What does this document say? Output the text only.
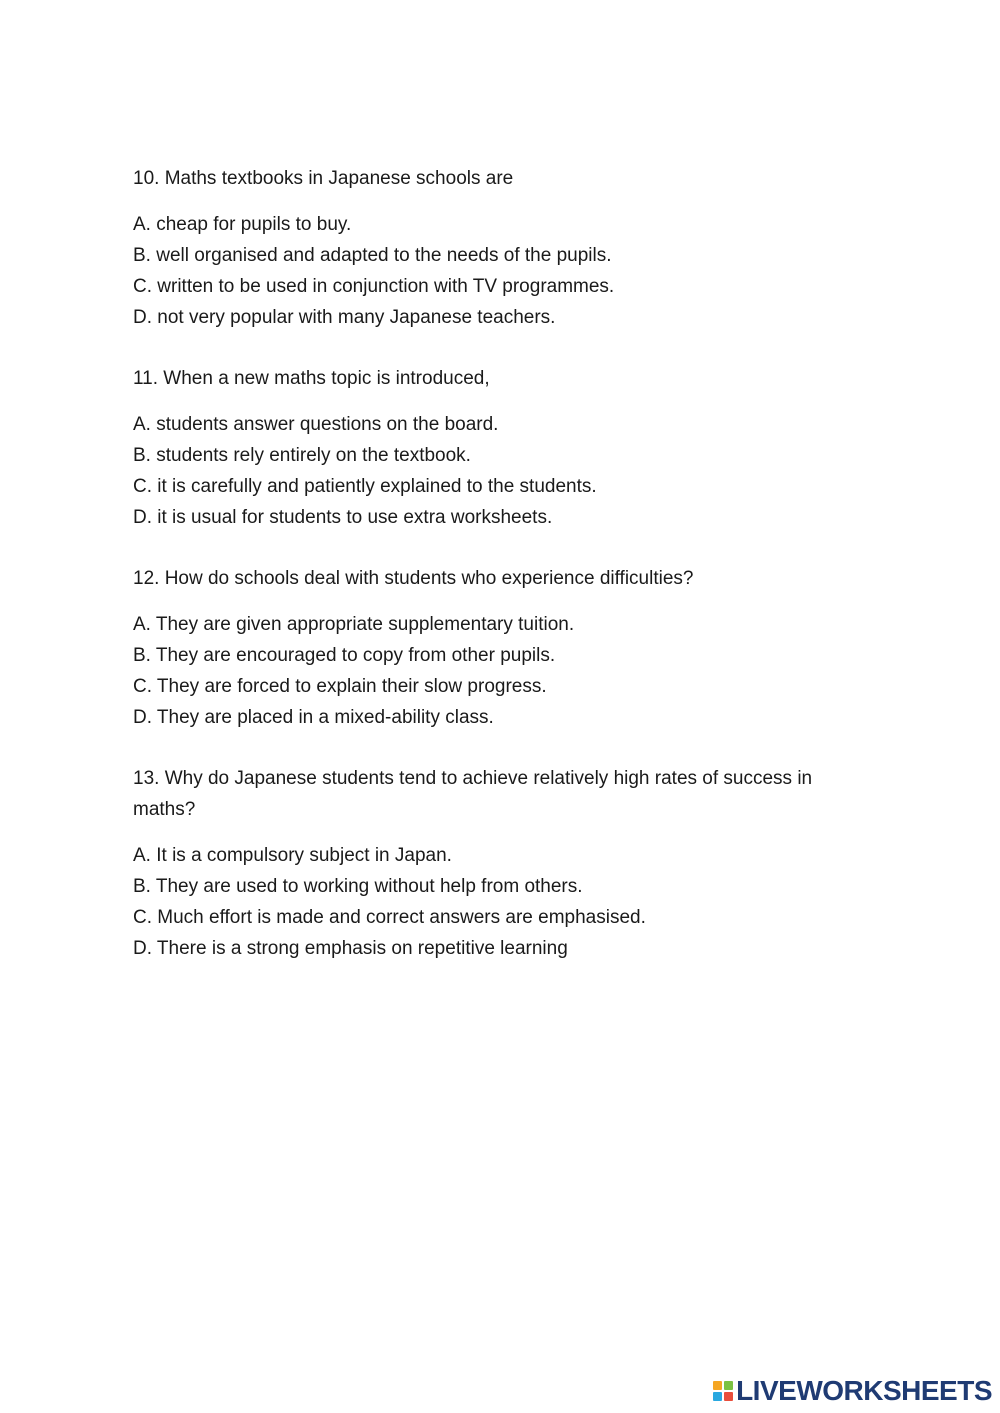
10. Maths textbooks in Japanese schools are

A. cheap for pupils to buy.
B. well organised and adapted to the needs of the pupils.
C. written to be used in conjunction with TV programmes.
D. not very popular with many Japanese teachers.

11. When a new maths topic is introduced,

A. students answer questions on the board.
B. students rely entirely on the textbook.
C. it is carefully and patiently explained to the students.
D. it is usual for students to use extra worksheets.

12. How do schools deal with students who experience difficulties?

A. They are given appropriate supplementary tuition.
B. They are encouraged to copy from other pupils.
C. They are forced to explain their slow progress.
D. They are placed in a mixed-ability class.

13. Why do Japanese students tend to achieve relatively high rates of success in maths?

A. It is a compulsory subject in Japan.
B. They are used to working without help from others.
C. Much effort is made and correct answers are emphasised.
D. There is a strong emphasis on repetitive learning
LIVEWORKSHEETS
